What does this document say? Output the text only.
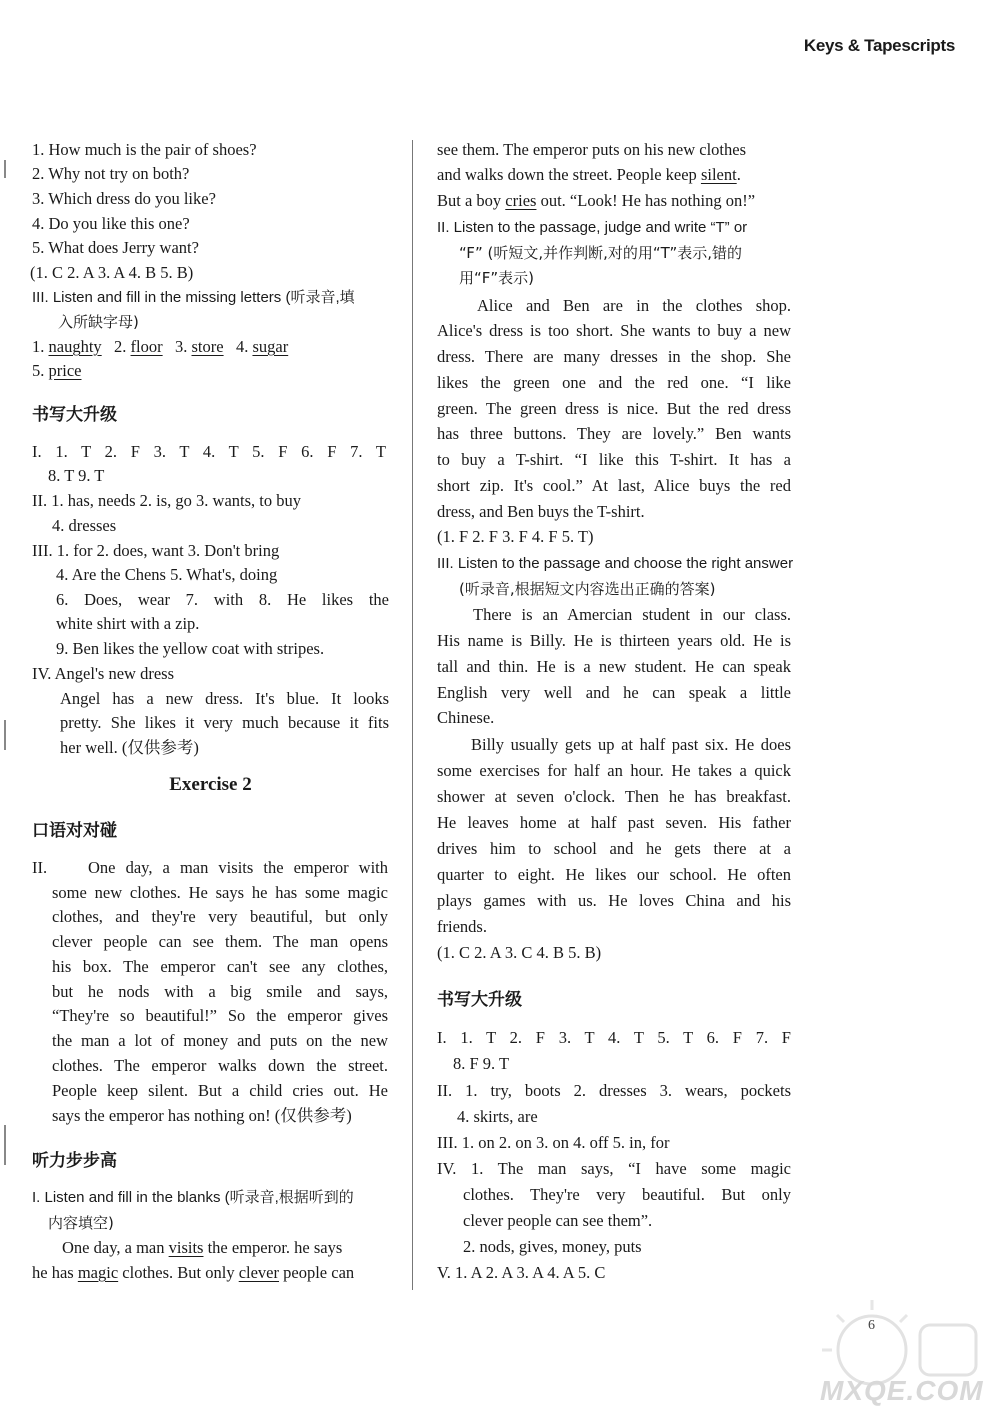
Keys & Tapescripts
1. How much is the pair of shoes?
2. Why not try on both?
3. Which dress do you like?
4. Do you like this one?
5. What does Jerry want?
(1. C 2. A 3. A 4. B 5. B)
III. Listen and fill in the missing letters (听录音,填
入所缺字母)
1. naughty 2. floor 3. store 4. sugar
5. price
书写大升级
I. 1. T 2. F 3. T 4. T 5. F 6. F 7. T
8. T 9. T
II. 1. has, needs 2. is, go 3. wants, to buy
4. dresses
III. 1. for 2. does, want 3. Don't bring
4. Are the Chens 5. What's, doing
6. Does, wear 7. with 8. He likes the
white shirt with a zip.
9. Ben likes the yellow coat with stripes.
IV. Angel's new dress
Angel has a new dress. It's blue. It looks
pretty. She likes it very much because it fits
her well. (仅供参考)
Exercise 2
口语对对碰
II. One day, a man visits the emperor with
some new clothes. He says he has some magic
clothes, and they're very beautiful, but only
clever people can see them. The man opens
his box. The emperor can't see any clothes,
but he nods with a big smile and says,
“They're so beautiful!” So the emperor gives
the man a lot of money and puts on the new
clothes. The emperor walks down the street.
People keep silent. But a child cries out. He
says the emperor has nothing on! (仅供参考)
听力步步高
I. Listen and fill in the blanks (听录音,根据听到的
内容填空)
One day, a man visits the emperor. he says
he has magic clothes. But only clever people can
see them. The emperor puts on his new clothes
and walks down the street. People keep silent.
But a boy cries out. “Look! He has nothing on!”
II. Listen to the passage, judge and write “T” or
“F” (听短文,并作判断,对的用“T”表示,错的
用“F”表示)
Alice and Ben are in the clothes shop.
Alice's dress is too short. She wants to buy a new
dress. There are many dresses in the shop. She
likes the green one and the red one. “I like
green. The green dress is nice. But the red dress
has three buttons. They are lovely.” Ben wants
to buy a T-shirt. “I like this T-shirt. It has a
short zip. It's cool.” At last, Alice buys the red
dress, and Ben buys the T-shirt.
(1. F 2. F 3. F 4. F 5. T)
III. Listen to the passage and choose the right answer
(听录音,根据短文内容选出正确的答案)
There is an Amercian student in our class.
His name is Billy. He is thirteen years old. He is
tall and thin. He is a new student. He can speak
English very well and he can speak a little
Chinese.
Billy usually gets up at half past six. He does
some exercises for half an hour. He takes a quick
shower at seven o'clock. Then he has breakfast.
He leaves home at half past seven. His father
drives him to school and he gets there at a
quarter to eight. He likes our school. He often
plays games with us. He loves China and his
friends.
(1. C 2. A 3. C 4. B 5. B)
书写大升级
I. 1. T 2. F 3. T 4. T 5. T 6. F 7. F
8. F 9. T
II. 1. try, boots 2. dresses 3. wears, pockets
4. skirts, are
III. 1. on 2. on 3. on 4. off 5. in, for
IV. 1. The man says, “I have some magic
clothes. They're very beautiful. But only
clever people can see them”.
2. nods, gives, money, puts
V. 1. A 2. A 3. A 4. A 5. C
6
MXQE.COM
